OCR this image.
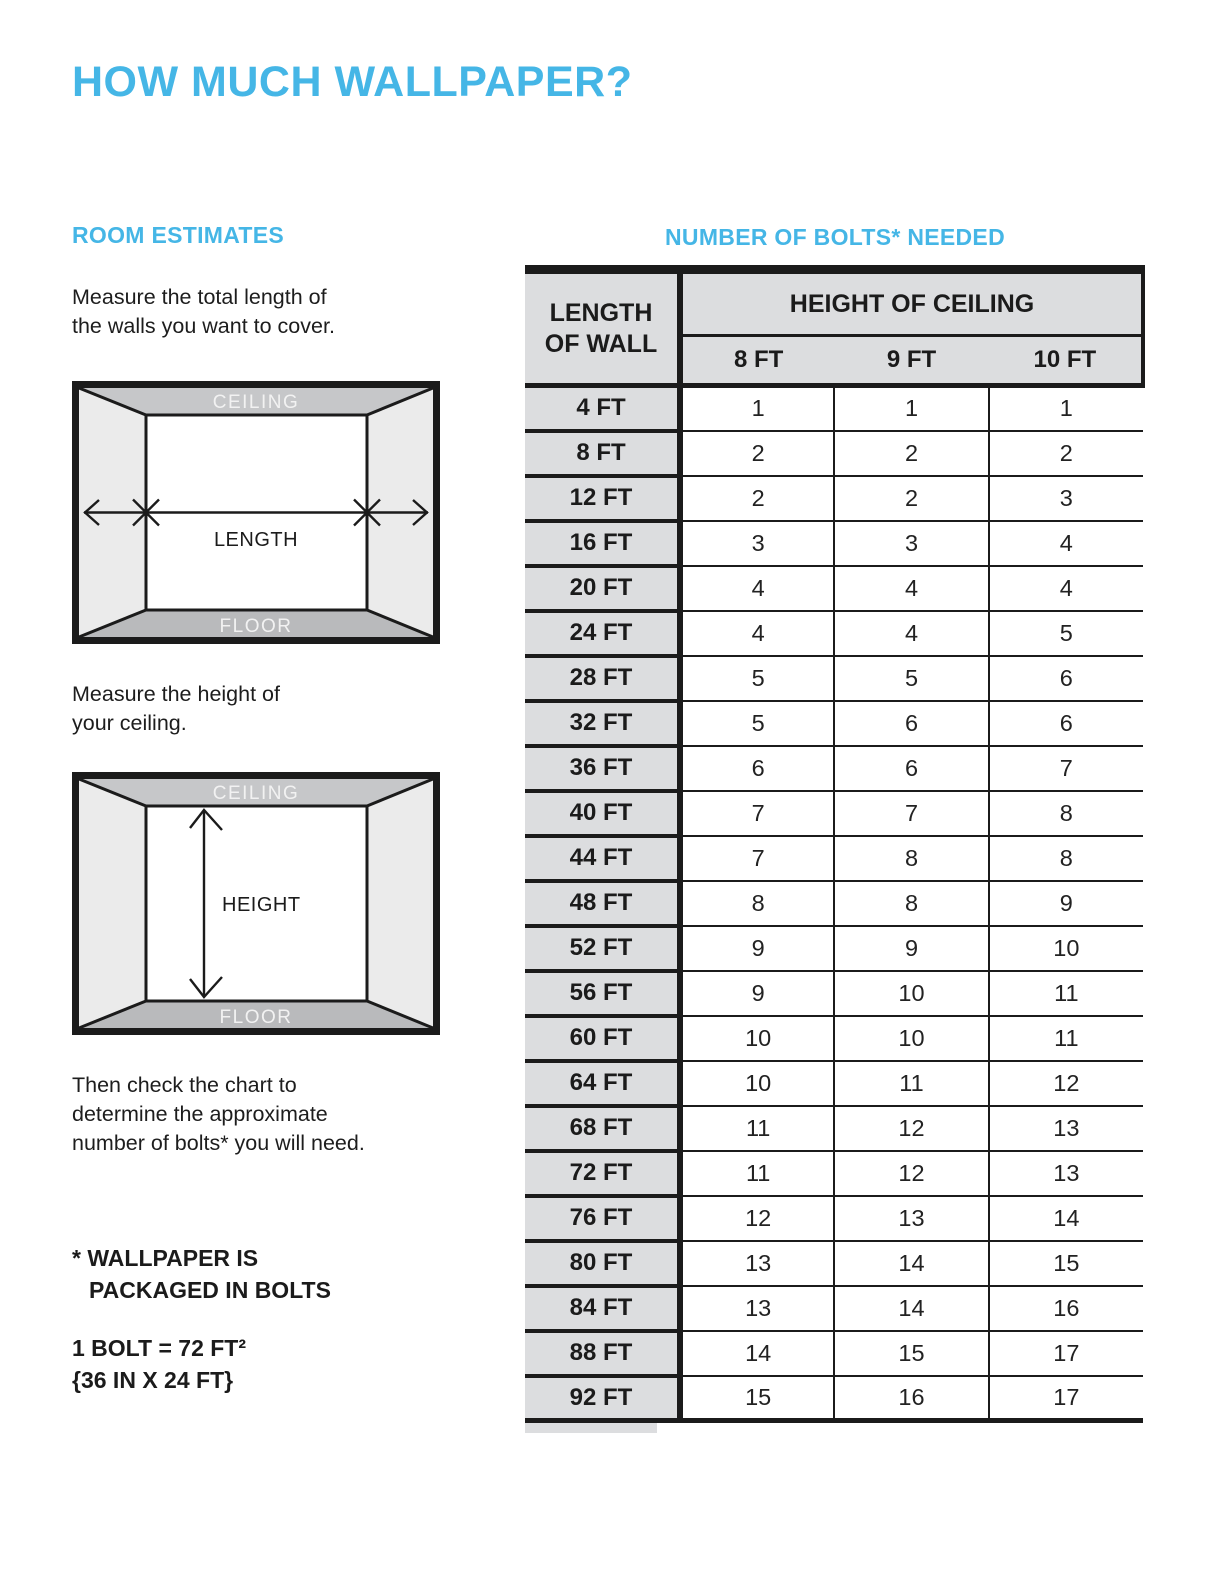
HOW MUCH WALLPAPER?
ROOM ESTIMATES

Measure the total length of
the walls you want to cover.

CEILING
FLOOR
LENGTH

Measure the height of
your ceiling.

CEILING
FLOOR
HEIGHT

Then check the chart to
determine the approximate
number of bolts* you will need.

* WALLPAPER IS
PACKAGED IN BOLTS

1 BOLT = 72 FT²

{36 IN X 24 FT}

NUMBER OF BOLTS* NEEDED
LENGTH
OF WALL	HEIGHT OF CEILING		
	8 FT	9 FT	10 FT
4 FT	1	1	1
8 FT	2	2	2
12 FT	2	2	3
16 FT	3	3	4
20 FT	4	4	4
24 FT	4	4	5
28 FT	5	5	6
32 FT	5	6	6
36 FT	6	6	7
40 FT	7	7	8
44 FT	7	8	8
48 FT	8	8	9
52 FT	9	9	10
56 FT	9	10	11
60 FT	10	10	11
64 FT	10	11	12
68 FT	11	12	13
72 FT	11	12	13
76 FT	12	13	14
80 FT	13	14	15
84 FT	13	14	16
88 FT	14	15	17
92 FT	15	16	17
